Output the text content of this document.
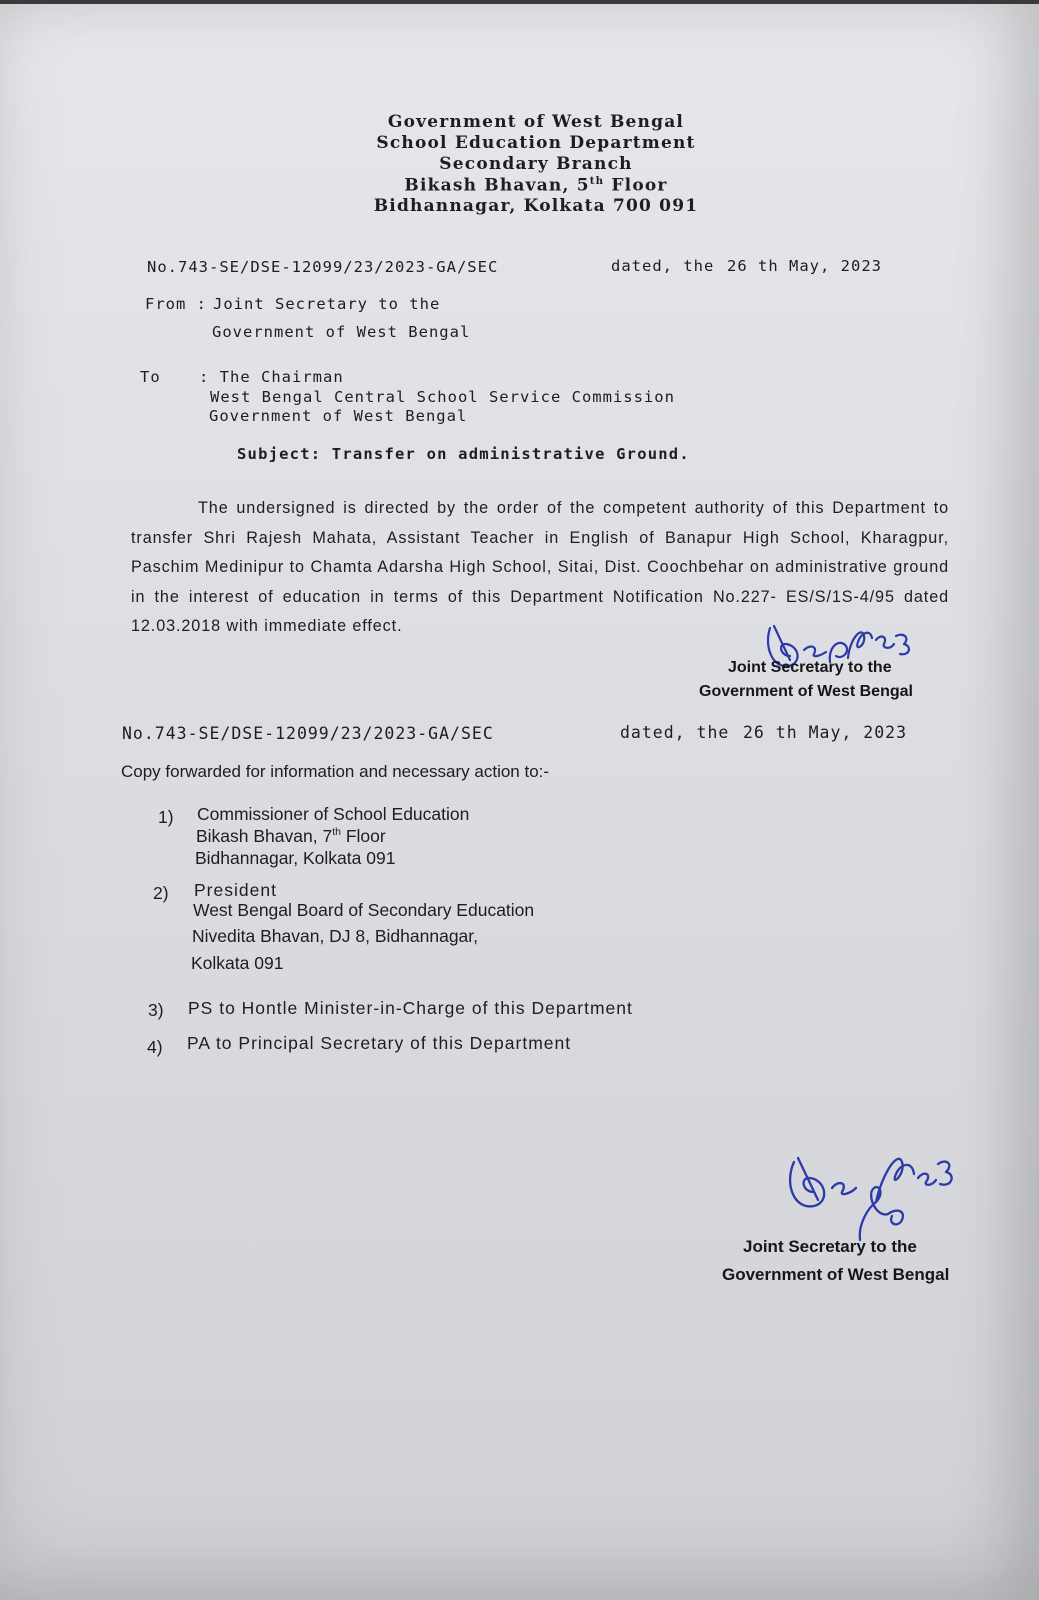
Government of West Bengal
School Education Department
Secondary Branch
Bikash Bhavan, 5th Floor
Bidhannagar, Kolkata 700 091
No.743-SE/DSE-12099/23/2023-GA/SEC	dated, the 26 th May, 2023
From : Joint Secretary to the
Government of West Bengal
To : The Chairman
West Bengal Central School Service Commission
Government of West Bengal
Subject: Transfer on administrative Ground.
The undersigned is directed by the order of the competent authority of this Department to transfer Shri Rajesh Mahata, Assistant Teacher in English of Banapur High School, Kharagpur, Paschim Medinipur to Chamta Adarsha High School, Sitai, Dist. Coochbehar on administrative ground in the interest of education in terms of this Department Notification No.227- ES/S/1S-4/95 dated 12.03.2018 with immediate effect.
Joint Secretary to the
Government of West Bengal
No.743-SE/DSE-12099/23/2023-GA/SEC	dated, the 26 th May, 2023
Copy forwarded for information and necessary action to:-
1) Commissioner of School Education
Bikash Bhavan, 7th Floor
Bidhannagar, Kolkata 091
2) President
West Bengal Board of Secondary Education
Nivedita Bhavan, DJ 8, Bidhannagar,
Kolkata 091
3) PS to Hontle Minister-in-Charge of this Department
4) PA to Principal Secretary of this Department
Joint Secretary to the
Government of West Bengal
